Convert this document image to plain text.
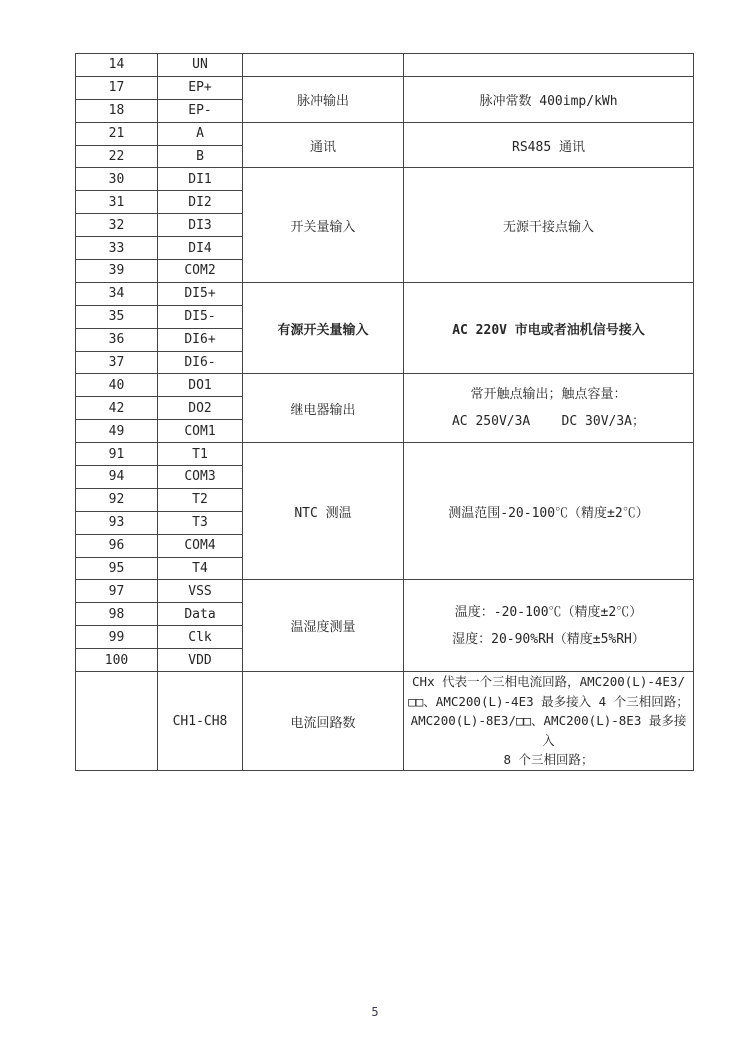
14	UN		
17	EP+	脉冲输出	脉冲常数 400imp/kWh
18	EP-		
21	A	通讯	RS485 通讯
22	B		
30	DI1	开关量输入	无源干接点输入
31	DI2		
32	DI3		
33	DI4		
39	COM2		
34	DI5+	有源开关量输入	AC 220V 市电或者油机信号接入
35	DI5-		
36	DI6+		
37	DI6-		
40	DO1	继电器输出	常开触点输出；触点容量：
AC 250V/3A    DC 30V/3A；

42	DO2		
49	COM1		
91	T1	NTC 测温	测温范围-20-100℃（精度±2℃）
94	COM3		
92	T2		
93	T3		
96	COM4		
95	T4		
97	VSS	温湿度测量	温度：-20-100℃（精度±2℃）
湿度：20-90%RH（精度±5%RH）

98	Data		
99	Clk		
100	VDD		
	CH1-CH8	电流回路数	CHx 代表一个三相电流回路，AMC200(L)-4E3/
□□、AMC200(L)-4E3 最多接入 4 个三相回路；
AMC200(L)-8E3/□□、AMC200(L)-8E3 最多接入
8 个三相回路；
5
